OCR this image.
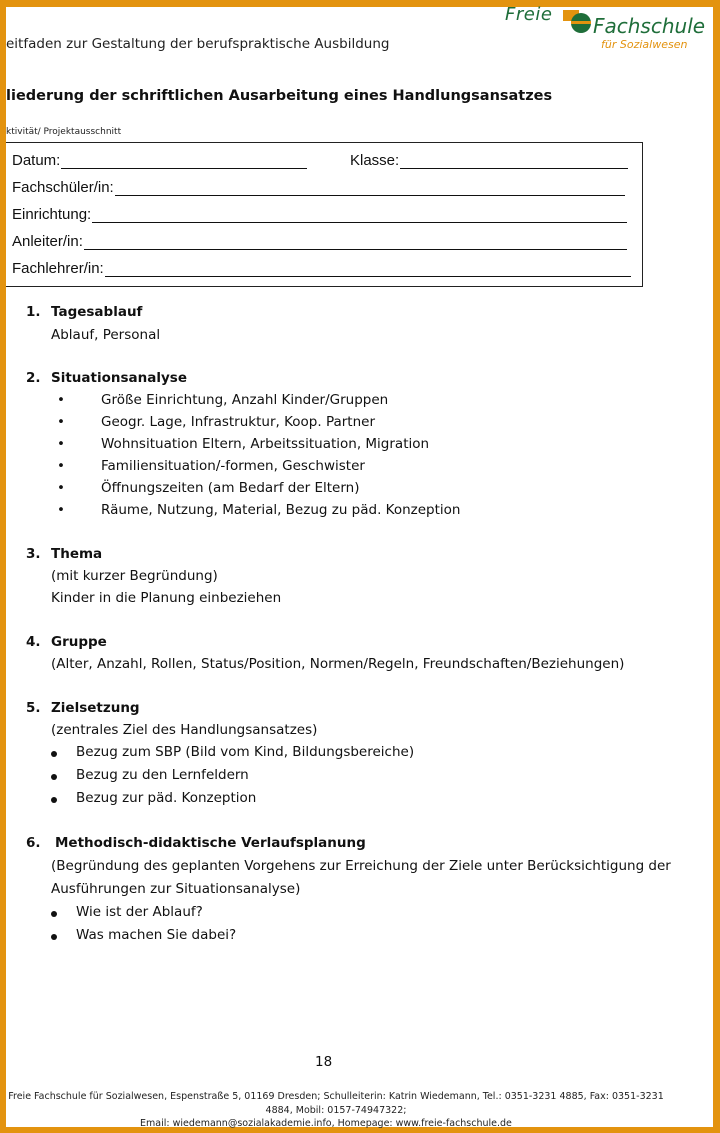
eitfaden zur Gestaltung der berufspraktische Ausbildung
Freie Fachschule
für Sozialwesen
liederung der schriftlichen Ausarbeitung eines Handlungsansatzes
ktivität/ Projektausschnitt
Datum:	Klasse:
Fachschüler/in:
Einrichtung:
Anleiter/in:
Fachlehrer/in:
1. Tagesablauf
Ablauf, Personal
2. Situationsanalyse
•	Größe Einrichtung, Anzahl Kinder/Gruppen
•	Geogr. Lage, Infrastruktur, Koop. Partner
•	Wohnsituation Eltern, Arbeitssituation, Migration
•	Familiensituation/-formen, Geschwister
•	Öffnungszeiten (am Bedarf der Eltern)
•	Räume, Nutzung, Material, Bezug zu päd. Konzeption
3. Thema
(mit kurzer Begründung)
Kinder in die Planung einbeziehen
4. Gruppe
(Alter, Anzahl, Rollen, Status/Position, Normen/Regeln, Freundschaften/Beziehungen)
5. Zielsetzung
(zentrales Ziel des Handlungsansatzes)
Bezug zum SBP (Bild vom Kind, Bildungsbereiche)
Bezug zu den Lernfeldern
Bezug zur päd. Konzeption
6. Methodisch-didaktische Verlaufsplanung
(Begründung des geplanten Vorgehens zur Erreichung der Ziele unter Berücksichtigung der
Ausführungen zur Situationsanalyse)
Wie ist der Ablauf?
Was machen Sie dabei?
18
Freie Fachschule für Sozialwesen, Espenstraße 5, 01169 Dresden; Schulleiterin: Katrin Wiedemann, Tel.: 0351-3231 4885, Fax: 0351-3231
4884, Mobil: 0157-74947322;
Email: wiedemann@sozialakademie.info, Homepage: www.freie-fachschule.de
